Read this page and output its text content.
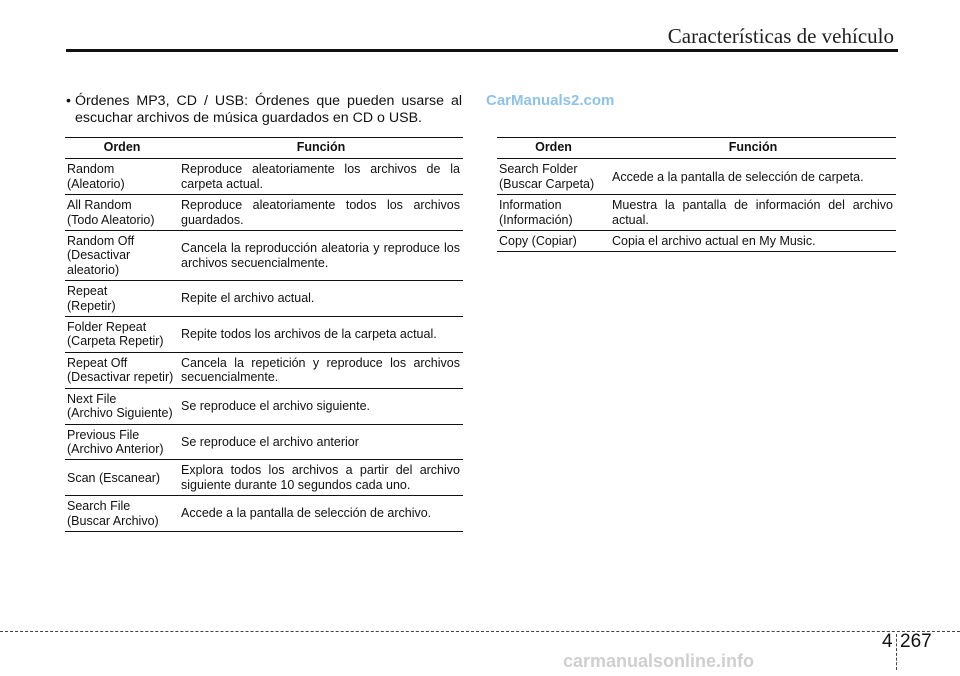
Características de vehículo
• Órdenes MP3, CD / USB: Órdenes que pueden usarse al escuchar archivos de música guardados en CD o USB.
CarManuals2.com
Orden	Función
Random
(Aleatorio)	Reproduce aleatoriamente los archivos de la carpeta actual.
All Random
(Todo Aleatorio)	Reproduce aleatoriamente todos los archivos guardados.
Random Off
(Desactivar aleatorio)	Cancela la reproducción aleatoria y reproduce los archivos secuencialmente.
Repeat
(Repetir)	Repite el archivo actual.
Folder Repeat
(Carpeta Repetir)	Repite todos los archivos de la carpeta actual.
Repeat Off
(Desactivar repetir)	Cancela la repetición y reproduce los archivos secuencialmente.
Next File
(Archivo Siguiente)	Se reproduce el archivo siguiente.
Previous File
(Archivo Anterior)	Se reproduce el archivo anterior
Scan (Escanear)	Explora todos los archivos a partir del archivo siguiente durante 10 segundos cada uno.
Search File
(Buscar Archivo)	Accede a la pantalla de selección de archivo.
Orden	Función
Search Folder
(Buscar Carpeta)	Accede a la pantalla de selección de carpeta.
Information
(Información)	Muestra la pantalla de información del archivo actual.
Copy (Copiar)	Copia el archivo actual en My Music.
4 267
carmanualsonline.info
